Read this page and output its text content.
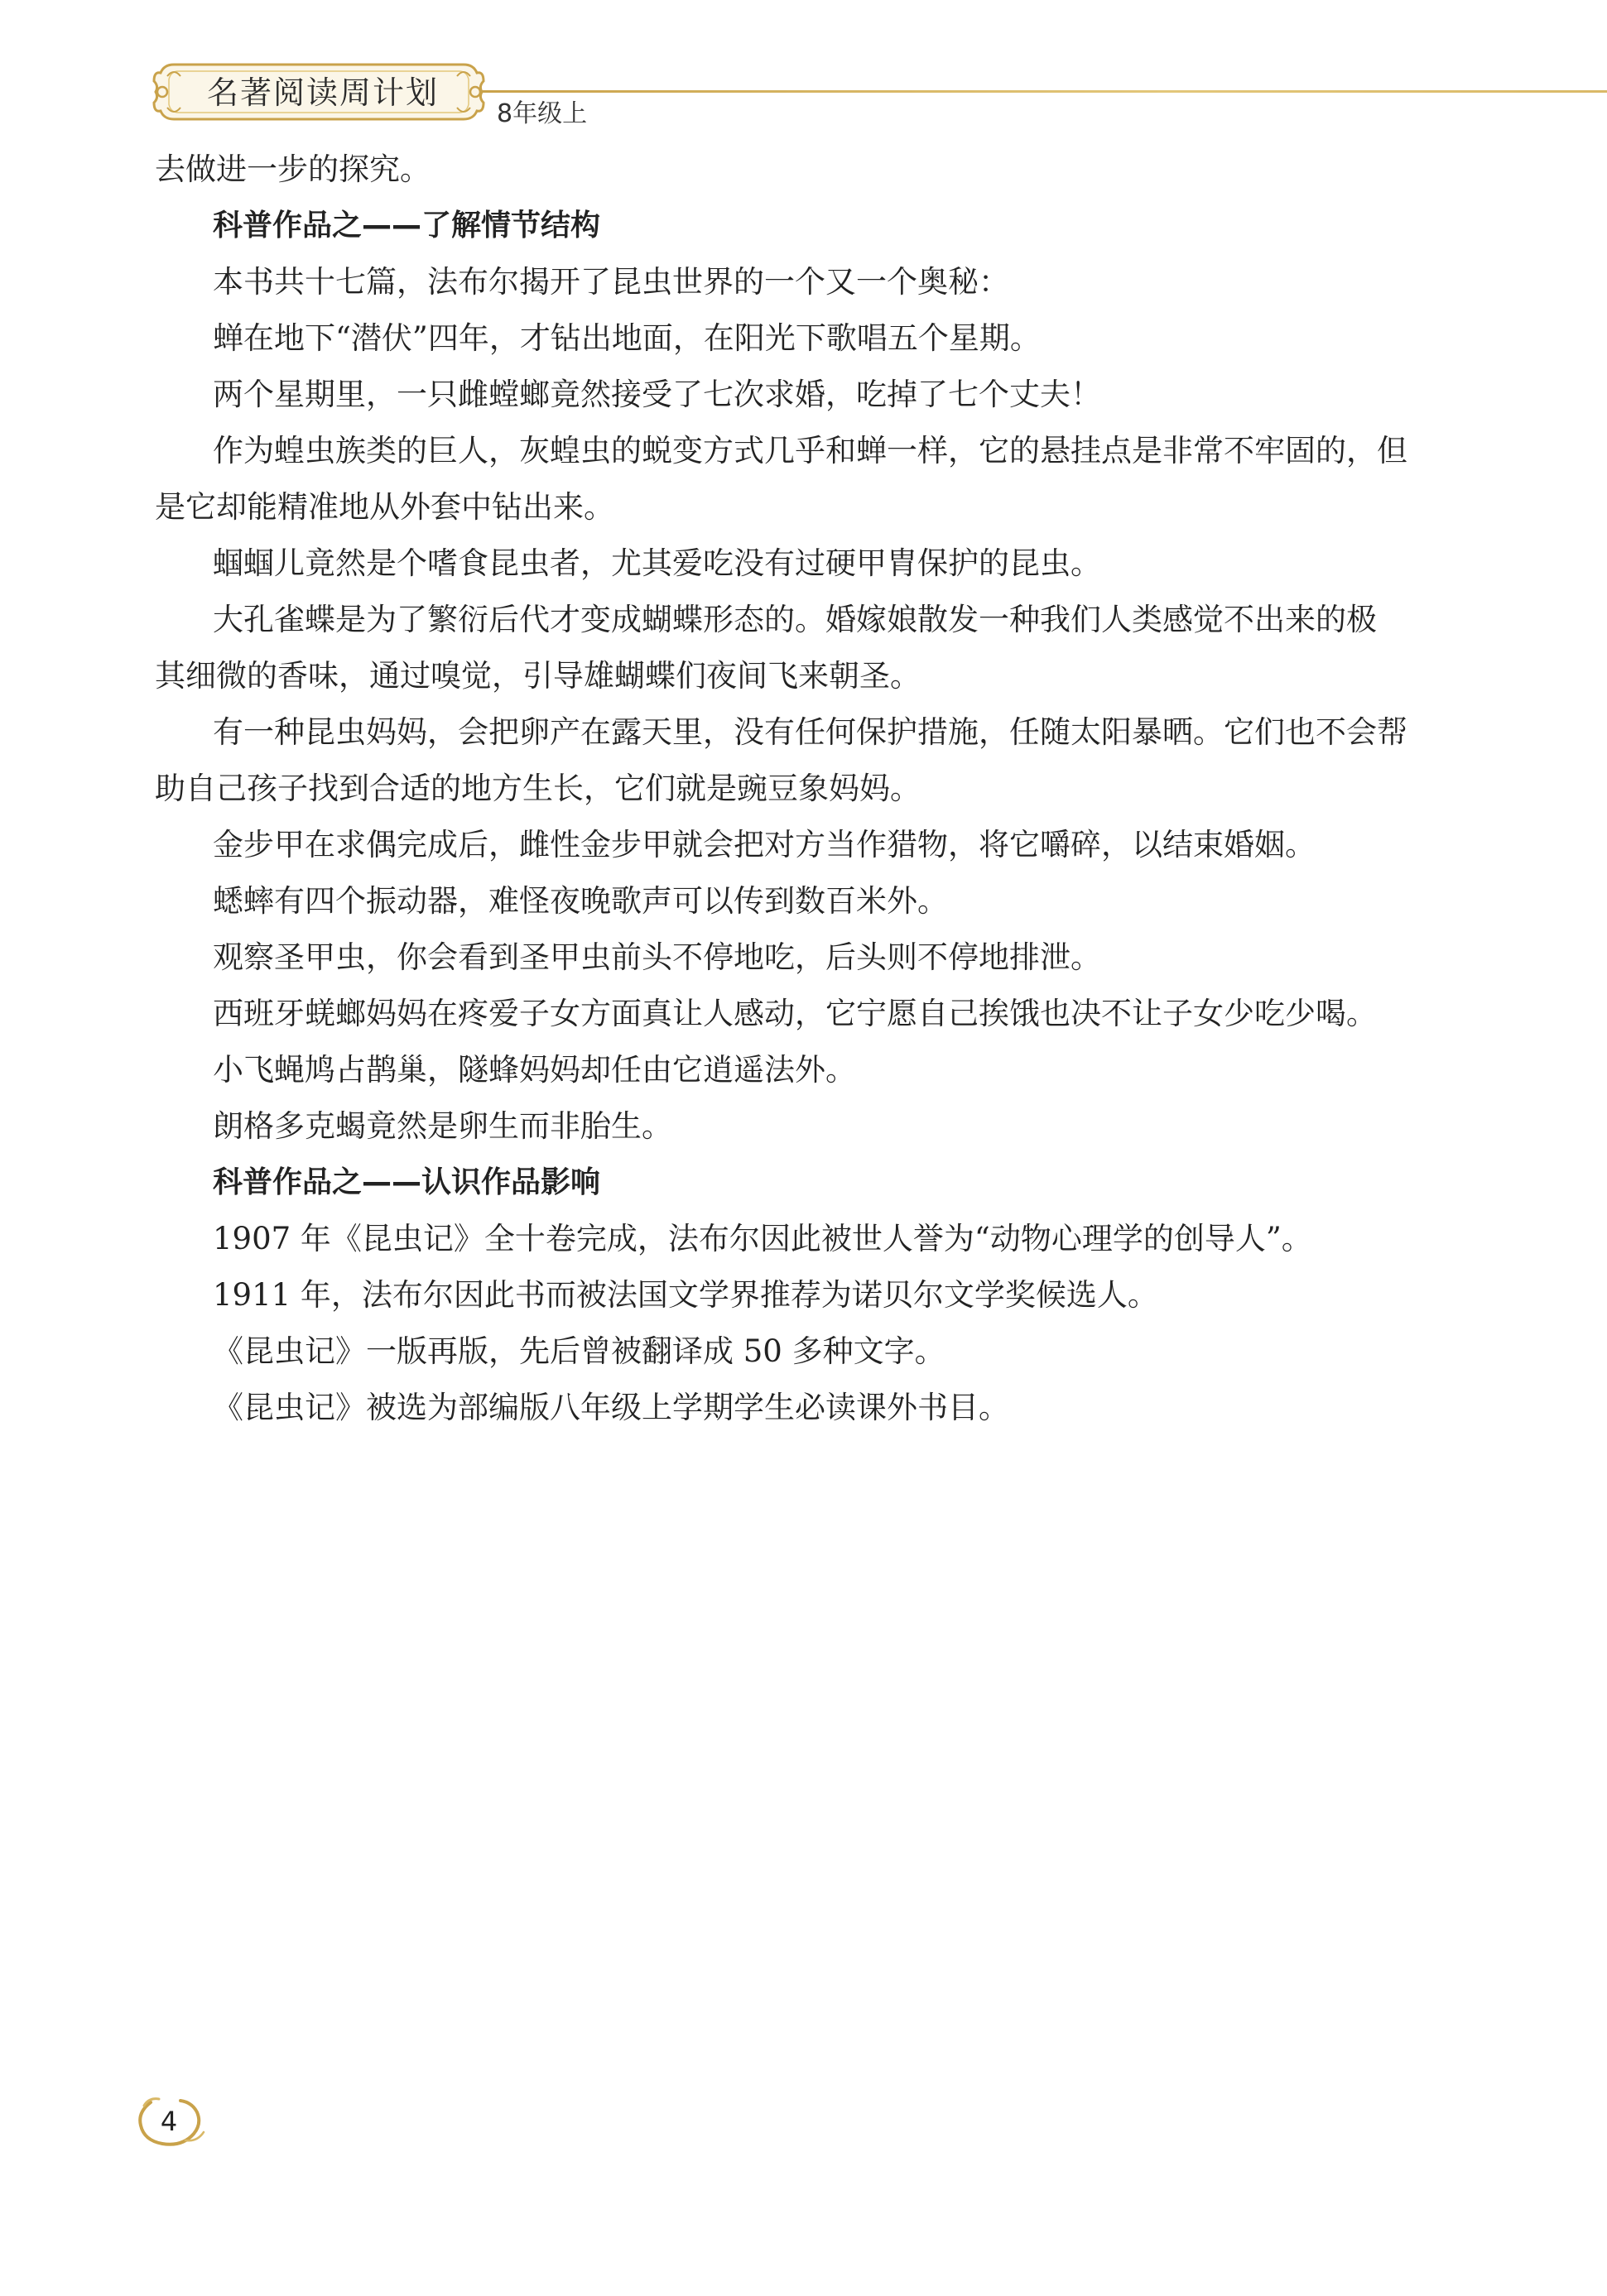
名著阅读周计划
8年级上
去做进一步的探究。
科普作品之——了解情节结构
本书共十七篇，法布尔揭开了昆虫世界的一个又一个奥秘：
蝉在地下“潜伏”四年，才钻出地面，在阳光下歌唱五个星期。
两个星期里，一只雌螳螂竟然接受了七次求婚，吃掉了七个丈夫！
作为蝗虫族类的巨人，灰蝗虫的蜕变方式几乎和蝉一样，它的悬挂点是非常不牢固的，但
是它却能精准地从外套中钻出来。
蝈蝈儿竟然是个嗜食昆虫者，尤其爱吃没有过硬甲胄保护的昆虫。
大孔雀蝶是为了繁衍后代才变成蝴蝶形态的。婚嫁娘散发一种我们人类感觉不出来的极
其细微的香味，通过嗅觉，引导雄蝴蝶们夜间飞来朝圣。
有一种昆虫妈妈，会把卵产在露天里，没有任何保护措施，任随太阳暴晒。它们也不会帮
助自己孩子找到合适的地方生长，它们就是豌豆象妈妈。
金步甲在求偶完成后，雌性金步甲就会把对方当作猎物，将它嚼碎，以结束婚姻。
蟋蟀有四个振动器，难怪夜晚歌声可以传到数百米外。
观察圣甲虫，你会看到圣甲虫前头不停地吃，后头则不停地排泄。
西班牙蜣螂妈妈在疼爱子女方面真让人感动，它宁愿自己挨饿也决不让子女少吃少喝。
小飞蝇鸠占鹊巢，隧蜂妈妈却任由它逍遥法外。
朗格多克蝎竟然是卵生而非胎生。
科普作品之——认识作品影响
1907 年《昆虫记》全十卷完成，法布尔因此被世人誉为“动物心理学的创导人”。
1911 年，法布尔因此书而被法国文学界推荐为诺贝尔文学奖候选人。
《昆虫记》一版再版，先后曾被翻译成 50 多种文字。
《昆虫记》被选为部编版八年级上学期学生必读课外书目。
4
